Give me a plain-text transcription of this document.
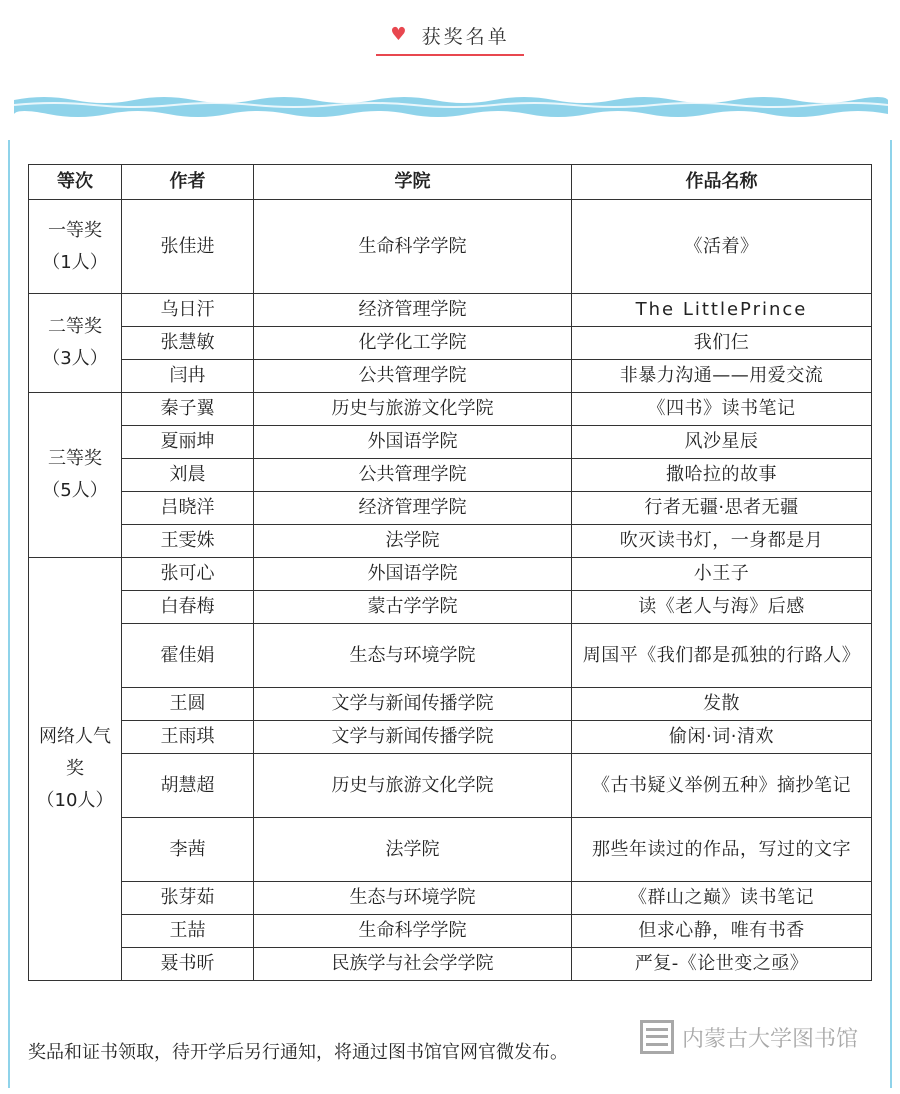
♥ 获奖名单
等次	作者	学院	作品名称

一等奖
（1人）	张佳进	生命科学学院	《活着》

二等奖
（3人）	乌日汗	经济管理学院	The LittlePrince
	张慧敏	化学化工学院	我们仨
	闫冉	公共管理学院	非暴力沟通——用爱交流

三等奖
（5人）	秦子翼	历史与旅游文化学院	《四书》读书笔记
	夏丽坤	外国语学院	风沙星辰
	刘晨	公共管理学院	撒哈拉的故事
	吕晓洋	经济管理学院	行者无疆·思者无疆
	王雯姝	法学院	吹灭读书灯，一身都是月

网络人气奖
（10人）	张可心	外国语学院	小王子
	白春梅	蒙古学学院	读《老人与海》后感
	霍佳娟	生态与环境学院	周国平《我们都是孤独的行路人》
	王圆	文学与新闻传播学院	发散
	王雨琪	文学与新闻传播学院	偷闲·词·清欢
	胡慧超	历史与旅游文化学院	《古书疑义举例五种》摘抄笔记
	李茜	法学院	那些年读过的作品，写过的文字
	张芽茹	生态与环境学院	《群山之巅》读书笔记
	王喆	生命科学学院	但求心静，唯有书香
	聂书昕	民族学与社会学学院	严复-《论世变之亟》
奖品和证书领取，待开学后另行通知，将通过图书馆官网官微发布。
内蒙古大学图书馆
